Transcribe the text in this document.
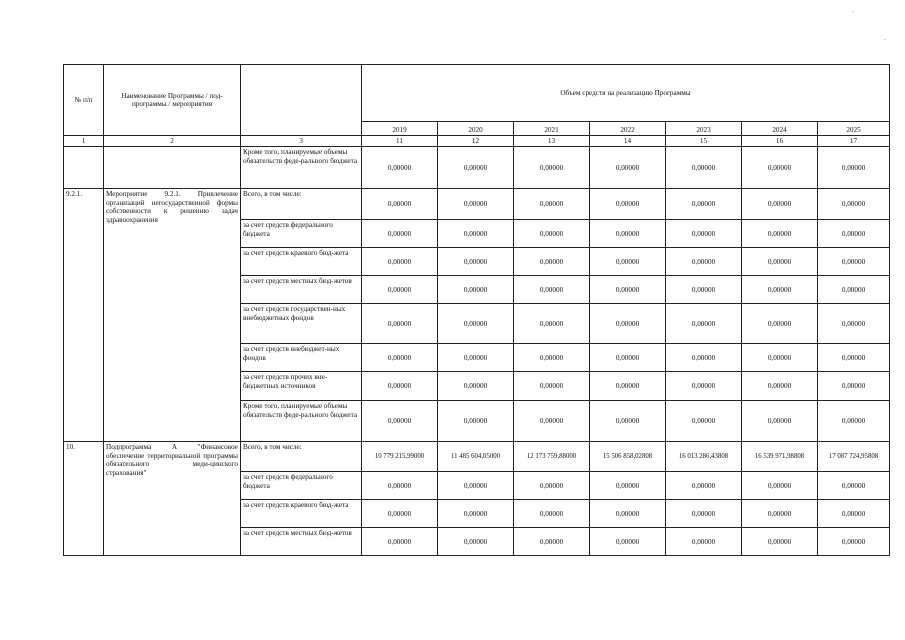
·
.
№ п/п	Наименование Программы / под-программы / мероприятия		Объем средств на реализацию Программы						
			2019	2020	2021	2022	2023	2024	2025
1	2	3	11	12	13	14	15	16	17
		Кроме того, планируемые объемы обязательств феде-рального бюджета	0,00000	0,00000	0,00000	0,00000	0,00000	0,00000	0,00000
9.2.1.	Мероприятие 9.2.1. Привлечение организаций негосударственной формы собственности к решению задач здравоохранения	Всего, в том числе:	0,00000	0,00000	0,00000	0,00000	0,00000	0,00000	0,00000
		за счет средств федерального бюджета	0,00000	0,00000	0,00000	0,00000	0,00000	0,00000	0,00000
		за счет средств краевого бюд-жета	0,00000	0,00000	0,00000	0,00000	0,00000	0,00000	0,00000
		за счет средств местных бюд-жетов	0,00000	0,00000	0,00000	0,00000	0,00000	0,00000	0,00000
		за счет средств государствен-ных внебюджетных фондов	0,00000	0,00000	0,00000	0,00000	0,00000	0,00000	0,00000
		за счет средств внебюджет-ных фондов	0,00000	0,00000	0,00000	0,00000	0,00000	0,00000	0,00000
		за счет средств прочих вне-бюджетных источников	0,00000	0,00000	0,00000	0,00000	0,00000	0,00000	0,00000
		Кроме того, планируемые объемы обязательств феде-рального бюджета	0,00000	0,00000	0,00000	0,00000	0,00000	0,00000	0,00000
10.	Подпрограмма А "Финансовое обеспечение территориальной программы обязательного меди-цинского страхования"	Всего, в том числе:	10 779 215,99000	11 485 604,05000	12 173 759,88000	15 506 858,02808	16 013 286,43808	16 539 971,98808	17 087 724,95808
		за счет средств федерального бюджета	0,00000	0,00000	0,00000	0,00000	0,00000	0,00000	0,00000
		за счет средств краевого бюд-жета	0,00000	0,00000	0,00000	0,00000	0,00000	0,00000	0,00000
		за счет средств местных бюд-жетов	0,00000	0,00000	0,00000	0,00000	0,00000	0,00000	0,00000
